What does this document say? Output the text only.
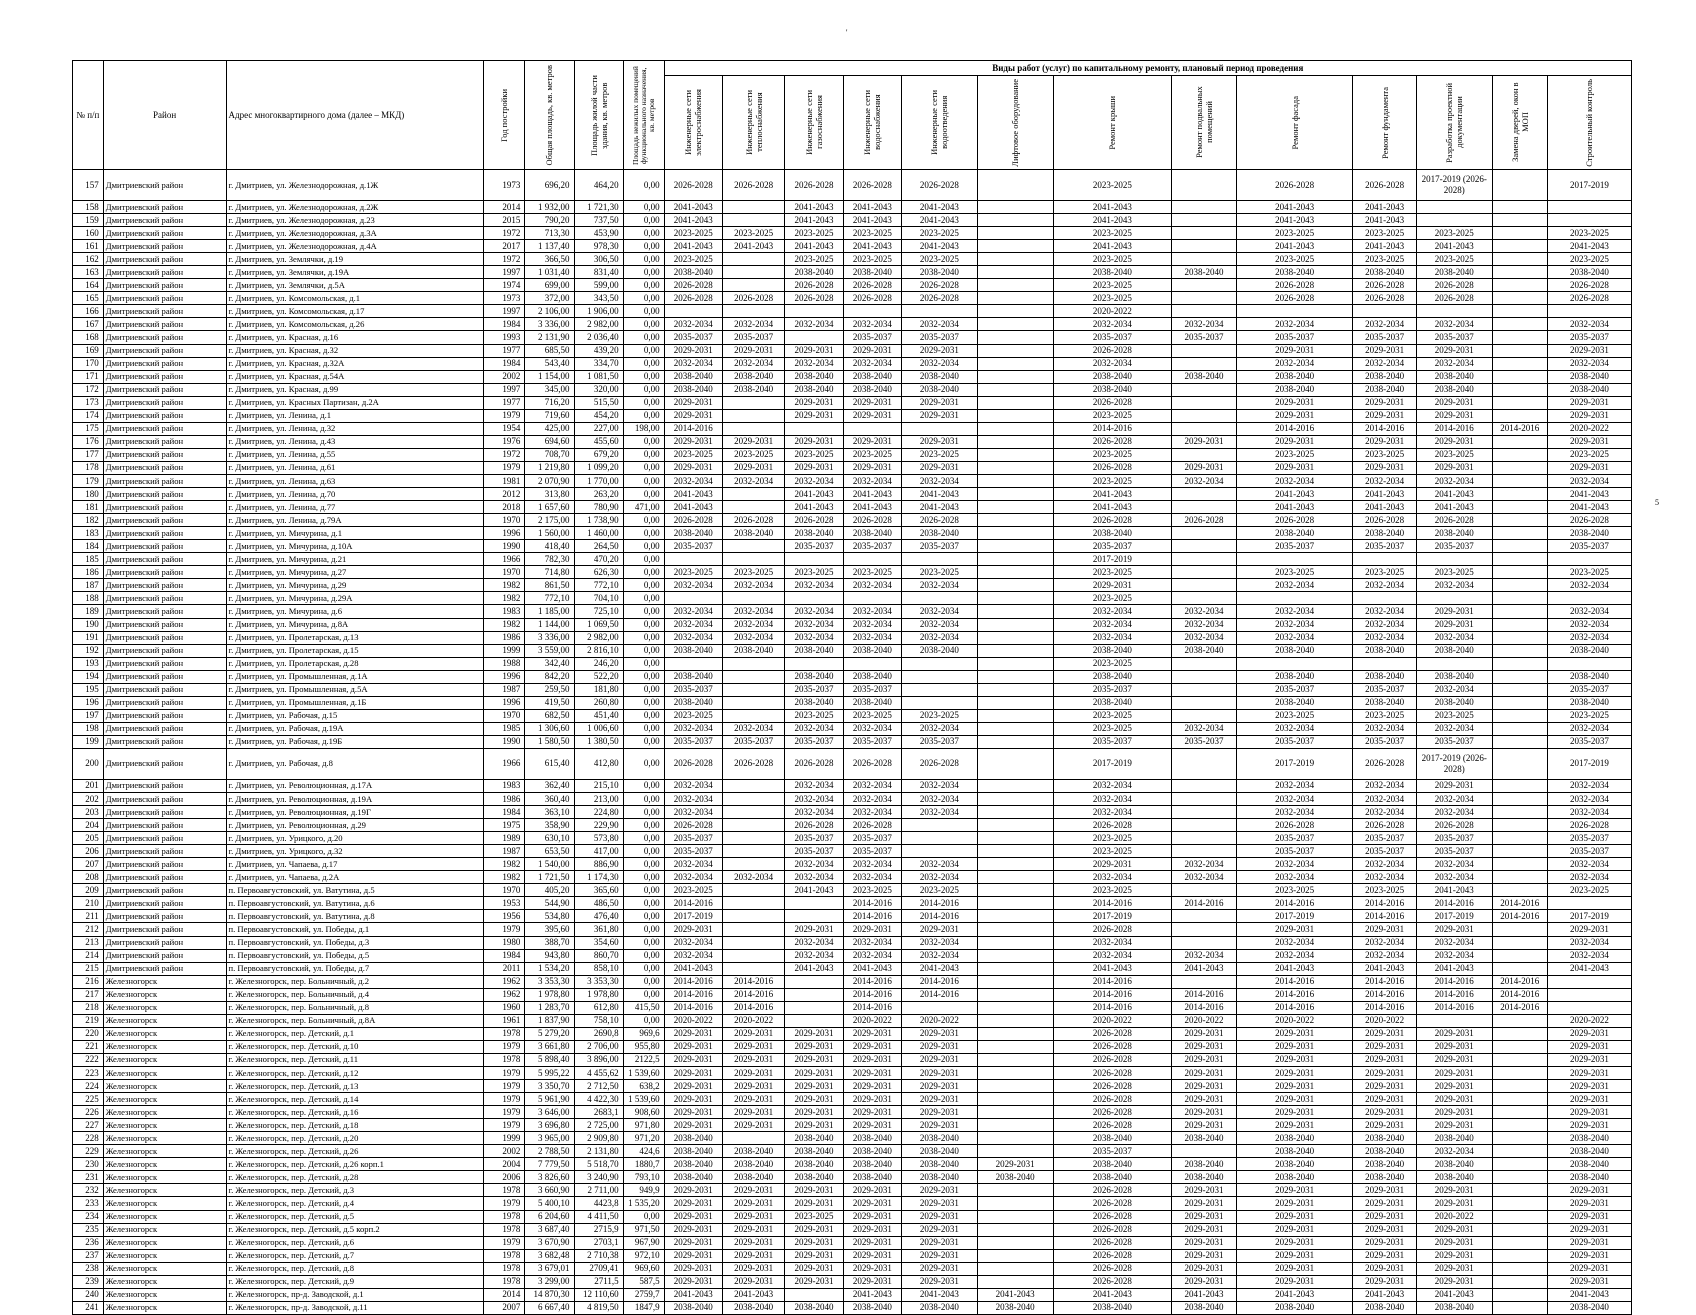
'
5
№ п/п	Район	Адрес многоквартирного дома (далее – МКД)	Год постройки	Общая площадь, кв. метров	Площадь жилой части здания, кв. метров	Площадь нежилых помещений функционального назначения, кв. метров	Виды работ (услуг) по капитальному ремонту, плановый период проведения												

							Инженерные сети электроснабжения	Инженерные сети теплоснабжения	Инженерные сети газоснабжения	Инженерные сети водоснабжения	Инженерные сети водоотведения	Лифтовое оборудование	Ремонт крыши	Ремонт подвальных помещений	Ремонт фасада	Ремонт фундамента	Разработка проектной документации	Замена дверей, окон в МОП	Строительный контроль

157	Дмитриевский район	г. Дмитриев, ул. Железнодорожная, д.1Ж	1973	696,20	464,20	0,00	2026-2028	2026-2028	2026-2028	2026-2028	2026-2028		2023-2025		2026-2028	2026-2028	2017-2019 (2026-2028)		2017-2019
158	Дмитриевский район	г. Дмитриев, ул. Железнодорожная, д.2Ж	2014	1 932,00	1 721,30	0,00	2041-2043		2041-2043	2041-2043	2041-2043		2041-2043		2041-2043	2041-2043			
159	Дмитриевский район	г. Дмитриев, ул. Железнодорожная, д.23	2015	790,20	737,50	0,00	2041-2043		2041-2043	2041-2043	2041-2043		2041-2043		2041-2043	2041-2043			
160	Дмитриевский район	г. Дмитриев, ул. Железнодорожная, д.3А	1972	713,30	453,90	0,00	2023-2025	2023-2025	2023-2025	2023-2025	2023-2025		2023-2025		2023-2025	2023-2025	2023-2025		2023-2025
161	Дмитриевский район	г. Дмитриев, ул. Железнодорожная, д.4А	2017	1 137,40	978,30	0,00	2041-2043	2041-2043	2041-2043	2041-2043	2041-2043		2041-2043		2041-2043	2041-2043	2041-2043		2041-2043
162	Дмитриевский район	г. Дмитриев, ул. Землячки, д.19	1972	366,50	306,50	0,00	2023-2025		2023-2025	2023-2025	2023-2025		2023-2025		2023-2025	2023-2025	2023-2025		2023-2025
163	Дмитриевский район	г. Дмитриев, ул. Землячки, д.19А	1997	1 031,40	831,40	0,00	2038-2040		2038-2040	2038-2040	2038-2040		2038-2040	2038-2040	2038-2040	2038-2040	2038-2040		2038-2040
164	Дмитриевский район	г. Дмитриев, ул. Землячки, д.5А	1974	699,00	599,00	0,00	2026-2028		2026-2028	2026-2028	2026-2028		2023-2025		2026-2028	2026-2028	2026-2028		2026-2028
165	Дмитриевский район	г. Дмитриев, ул. Комсомольская, д.1	1973	372,00	343,50	0,00	2026-2028	2026-2028	2026-2028	2026-2028	2026-2028		2023-2025		2026-2028	2026-2028	2026-2028		2026-2028
166	Дмитриевский район	г. Дмитриев, ул. Комсомольская, д.17	1997	2 106,00	1 906,00	0,00							2020-2022						
167	Дмитриевский район	г. Дмитриев, ул. Комсомольская, д.26	1984	3 336,00	2 982,00	0,00	2032-2034	2032-2034	2032-2034	2032-2034	2032-2034		2032-2034	2032-2034	2032-2034	2032-2034	2032-2034		2032-2034
168	Дмитриевский район	г. Дмитриев, ул. Красная, д.16	1993	2 131,90	2 036,40	0,00	2035-2037	2035-2037		2035-2037	2035-2037		2035-2037	2035-2037	2035-2037	2035-2037	2035-2037		2035-2037
169	Дмитриевский район	г. Дмитриев, ул. Красная, д.32	1977	685,50	439,20	0,00	2029-2031	2029-2031	2029-2031	2029-2031	2029-2031		2026-2028		2029-2031	2029-2031	2029-2031		2029-2031
170	Дмитриевский район	г. Дмитриев, ул. Красная, д.32А	1984	543,40	334,70	0,00	2032-2034	2032-2034	2032-2034	2032-2034	2032-2034		2032-2034		2032-2034	2032-2034	2032-2034		2032-2034
171	Дмитриевский район	г. Дмитриев, ул. Красная, д.54А	2002	1 154,00	1 081,50	0,00	2038-2040	2038-2040	2038-2040	2038-2040	2038-2040		2038-2040	2038-2040	2038-2040	2038-2040	2038-2040		2038-2040
172	Дмитриевский район	г. Дмитриев, ул. Красная, д.99	1997	345,00	320,00	0,00	2038-2040	2038-2040	2038-2040	2038-2040	2038-2040		2038-2040		2038-2040	2038-2040	2038-2040		2038-2040
173	Дмитриевский район	г. Дмитриев, ул. Красных Партизан, д.2А	1977	716,20	515,50	0,00	2029-2031		2029-2031	2029-2031	2029-2031		2026-2028		2029-2031	2029-2031	2029-2031		2029-2031
174	Дмитриевский район	г. Дмитриев, ул. Ленина, д.1	1979	719,60	454,20	0,00	2029-2031		2029-2031	2029-2031	2029-2031		2023-2025		2029-2031	2029-2031	2029-2031		2029-2031
175	Дмитриевский район	г. Дмитриев, ул. Ленина, д.32	1954	425,00	227,00	198,00	2014-2016						2014-2016		2014-2016	2014-2016	2014-2016	2014-2016	2020-2022
176	Дмитриевский район	г. Дмитриев, ул. Ленина, д.43	1976	694,60	455,60	0,00	2029-2031	2029-2031	2029-2031	2029-2031	2029-2031		2026-2028	2029-2031	2029-2031	2029-2031	2029-2031		2029-2031
177	Дмитриевский район	г. Дмитриев, ул. Ленина, д.55	1972	708,70	679,20	0,00	2023-2025	2023-2025	2023-2025	2023-2025	2023-2025		2023-2025		2023-2025	2023-2025	2023-2025		2023-2025
178	Дмитриевский район	г. Дмитриев, ул. Ленина, д.61	1979	1 219,80	1 099,20	0,00	2029-2031	2029-2031	2029-2031	2029-2031	2029-2031		2026-2028	2029-2031	2029-2031	2029-2031	2029-2031		2029-2031
179	Дмитриевский район	г. Дмитриев, ул. Ленина, д.63	1981	2 070,90	1 770,00	0,00	2032-2034	2032-2034	2032-2034	2032-2034	2032-2034		2023-2025	2032-2034	2032-2034	2032-2034	2032-2034		2032-2034
180	Дмитриевский район	г. Дмитриев, ул. Ленина, д.70	2012	313,80	263,20	0,00	2041-2043		2041-2043	2041-2043	2041-2043		2041-2043		2041-2043	2041-2043	2041-2043		2041-2043
181	Дмитриевский район	г. Дмитриев, ул. Ленина, д.77	2018	1 657,60	780,90	471,00	2041-2043		2041-2043	2041-2043	2041-2043		2041-2043		2041-2043	2041-2043	2041-2043		2041-2043
182	Дмитриевский район	г. Дмитриев, ул. Ленина, д.79А	1970	2 175,00	1 738,90	0,00	2026-2028	2026-2028	2026-2028	2026-2028	2026-2028		2026-2028	2026-2028	2026-2028	2026-2028	2026-2028		2026-2028
183	Дмитриевский район	г. Дмитриев, ул. Мичурина, д.1	1996	1 560,00	1 460,00	0,00	2038-2040	2038-2040	2038-2040	2038-2040	2038-2040		2038-2040		2038-2040	2038-2040	2038-2040		2038-2040
184	Дмитриевский район	г. Дмитриев, ул. Мичурина, д.10А	1990	418,40	264,50	0,00	2035-2037		2035-2037	2035-2037	2035-2037		2035-2037		2035-2037	2035-2037	2035-2037		2035-2037
185	Дмитриевский район	г. Дмитриев, ул. Мичурина, д.21	1966	782,30	470,20	0,00							2017-2019						
186	Дмитриевский район	г. Дмитриев, ул. Мичурина, д.27	1970	714,80	626,30	0,00	2023-2025	2023-2025	2023-2025	2023-2025	2023-2025		2023-2025		2023-2025	2023-2025	2023-2025		2023-2025
187	Дмитриевский район	г. Дмитриев, ул. Мичурина, д.29	1982	861,50	772,10	0,00	2032-2034	2032-2034	2032-2034	2032-2034	2032-2034		2029-2031		2032-2034	2032-2034	2032-2034		2032-2034
188	Дмитриевский район	г. Дмитриев, ул. Мичурина, д.29А	1982	772,10	704,10	0,00							2023-2025						
189	Дмитриевский район	г. Дмитриев, ул. Мичурина, д.6	1983	1 185,00	725,10	0,00	2032-2034	2032-2034	2032-2034	2032-2034	2032-2034		2032-2034	2032-2034	2032-2034	2032-2034	2029-2031		2032-2034
190	Дмитриевский район	г. Дмитриев, ул. Мичурина, д.8А	1982	1 144,00	1 069,50	0,00	2032-2034	2032-2034	2032-2034	2032-2034	2032-2034		2032-2034	2032-2034	2032-2034	2032-2034	2029-2031		2032-2034
191	Дмитриевский район	г. Дмитриев, ул. Пролетарская, д.13	1986	3 336,00	2 982,00	0,00	2032-2034	2032-2034	2032-2034	2032-2034	2032-2034		2032-2034	2032-2034	2032-2034	2032-2034	2032-2034		2032-2034
192	Дмитриевский район	г. Дмитриев, ул. Пролетарская, д.15	1999	3 559,00	2 816,10	0,00	2038-2040	2038-2040	2038-2040	2038-2040	2038-2040		2038-2040	2038-2040	2038-2040	2038-2040	2038-2040		2038-2040
193	Дмитриевский район	г. Дмитриев, ул. Пролетарская, д.28	1988	342,40	246,20	0,00							2023-2025						
194	Дмитриевский район	г. Дмитриев, ул. Промышленная, д.1А	1996	842,20	522,20	0,00	2038-2040		2038-2040	2038-2040			2038-2040		2038-2040	2038-2040	2038-2040		2038-2040
195	Дмитриевский район	г. Дмитриев, ул. Промышленная, д.5А	1987	259,50	181,80	0,00	2035-2037		2035-2037	2035-2037			2035-2037		2035-2037	2035-2037	2032-2034		2035-2037
196	Дмитриевский район	г. Дмитриев, ул. Промышленная, д.1Б	1996	419,50	260,80	0,00	2038-2040		2038-2040	2038-2040			2038-2040		2038-2040	2038-2040	2038-2040		2038-2040
197	Дмитриевский район	г. Дмитриев, ул. Рабочая, д.15	1970	682,50	451,40	0,00	2023-2025		2023-2025	2023-2025	2023-2025		2023-2025		2023-2025	2023-2025	2023-2025		2023-2025
198	Дмитриевский район	г. Дмитриев, ул. Рабочая, д.19А	1985	1 306,60	1 006,60	0,00	2032-2034	2032-2034	2032-2034	2032-2034	2032-2034		2023-2025	2032-2034	2032-2034	2032-2034	2032-2034		2032-2034
199	Дмитриевский район	г. Дмитриев, ул. Рабочая, д.19Б	1990	1 580,50	1 380,50	0,00	2035-2037	2035-2037	2035-2037	2035-2037	2035-2037		2035-2037	2035-2037	2035-2037	2035-2037	2035-2037		2035-2037
200	Дмитриевский район	г. Дмитриев, ул. Рабочая, д.8	1966	615,40	412,80	0,00	2026-2028	2026-2028	2026-2028	2026-2028	2026-2028		2017-2019		2017-2019	2026-2028	2017-2019 (2026-2028)		2017-2019
201	Дмитриевский район	г. Дмитриев, ул. Революционная, д.17А	1983	362,40	215,10	0,00	2032-2034		2032-2034	2032-2034	2032-2034		2032-2034		2032-2034	2032-2034	2029-2031		2032-2034
202	Дмитриевский район	г. Дмитриев, ул. Революционная, д.19А	1986	360,40	213,00	0,00	2032-2034		2032-2034	2032-2034	2032-2034		2032-2034		2032-2034	2032-2034	2032-2034		2032-2034
203	Дмитриевский район	г. Дмитриев, ул. Революционная, д.19Г	1984	363,10	224,80	0,00	2032-2034		2032-2034	2032-2034	2032-2034		2032-2034		2032-2034	2032-2034	2032-2034		2032-2034
204	Дмитриевский район	г. Дмитриев, ул. Революционная, д.29	1975	358,90	229,90	0,00	2026-2028		2026-2028	2026-2028			2026-2028		2026-2028	2026-2028	2026-2028		2026-2028
205	Дмитриевский район	г. Дмитриев, ул. Урицкого, д.20	1989	630,10	573,80	0,00	2035-2037		2035-2037	2035-2037			2023-2025		2035-2037	2035-2037	2035-2037		2035-2037
206	Дмитриевский район	г. Дмитриев, ул. Урицкого, д.32	1987	653,50	417,00	0,00	2035-2037		2035-2037	2035-2037			2023-2025		2035-2037	2035-2037	2035-2037		2035-2037
207	Дмитриевский район	г. Дмитриев, ул. Чапаева, д.17	1982	1 540,00	886,90	0,00	2032-2034		2032-2034	2032-2034	2032-2034		2029-2031	2032-2034	2032-2034	2032-2034	2032-2034		2032-2034
208	Дмитриевский район	г. Дмитриев, ул. Чапаева, д.2А	1982	1 721,50	1 174,30	0,00	2032-2034	2032-2034	2032-2034	2032-2034	2032-2034		2032-2034	2032-2034	2032-2034	2032-2034	2032-2034		2032-2034
209	Дмитриевский район	п. Первоавгустовский, ул. Ватутина, д.5	1970	405,20	365,60	0,00	2023-2025		2041-2043	2023-2025	2023-2025		2023-2025		2023-2025	2023-2025	2041-2043		2023-2025
210	Дмитриевский район	п. Первоавгустовский, ул. Ватутина, д.6	1953	544,90	486,50	0,00	2014-2016			2014-2016	2014-2016		2014-2016	2014-2016	2014-2016	2014-2016	2014-2016	2014-2016	
211	Дмитриевский район	п. Первоавгустовский, ул. Ватутина, д.8	1956	534,80	476,40	0,00	2017-2019			2014-2016	2014-2016		2017-2019		2017-2019	2014-2016	2017-2019	2014-2016	2017-2019
212	Дмитриевский район	п. Первоавгустовский, ул. Победы, д.1	1979	395,60	361,80	0,00	2029-2031		2029-2031	2029-2031	2029-2031		2026-2028		2029-2031	2029-2031	2029-2031		2029-2031
213	Дмитриевский район	п. Первоавгустовский, ул. Победы, д.3	1980	388,70	354,60	0,00	2032-2034		2032-2034	2032-2034	2032-2034		2032-2034		2032-2034	2032-2034	2032-2034		2032-2034
214	Дмитриевский район	п. Первоавгустовский, ул. Победы, д.5	1984	943,80	860,70	0,00	2032-2034		2032-2034	2032-2034	2032-2034		2032-2034	2032-2034	2032-2034	2032-2034	2032-2034		2032-2034
215	Дмитриевский район	п. Первоавгустовский, ул. Победы, д.7	2011	1 534,20	858,10	0,00	2041-2043		2041-2043	2041-2043	2041-2043		2041-2043	2041-2043	2041-2043	2041-2043	2041-2043		2041-2043
216	Железногорск	г. Железногорск, пер. Больничный, д.2	1962	3 353,30	3 353,30	0,00	2014-2016	2014-2016		2014-2016	2014-2016		2014-2016		2014-2016	2014-2016	2014-2016	2014-2016	
217	Железногорск	г. Железногорск, пер. Больничный, д.4	1962	1 978,80	1 978,80	0,00	2014-2016	2014-2016		2014-2016	2014-2016		2014-2016	2014-2016	2014-2016	2014-2016	2014-2016	2014-2016	
218	Железногорск	г. Железногорск, пер. Больничный, д.8	1960	1 283,70	612,80	415,50	2014-2016	2014-2016		2014-2016			2014-2016	2014-2016	2014-2016	2014-2016	2014-2016	2014-2016	
219	Железногорск	г. Железногорск, пер. Больничный, д.8А	1961	1 837,90	758,10	0,00	2020-2022	2020-2022		2020-2022	2020-2022		2020-2022	2020-2022	2020-2022	2020-2022			2020-2022
220	Железногорск	г. Железногорск, пер. Детский, д.1	1978	5 279,20	2690,8	969,6	2029-2031	2029-2031	2029-2031	2029-2031	2029-2031		2026-2028	2029-2031	2029-2031	2029-2031	2029-2031		2029-2031
221	Железногорск	г. Железногорск, пер. Детский, д.10	1979	3 661,80	2 706,00	955,80	2029-2031	2029-2031	2029-2031	2029-2031	2029-2031		2026-2028	2029-2031	2029-2031	2029-2031	2029-2031		2029-2031
222	Железногорск	г. Железногорск, пер. Детский, д.11	1978	5 898,40	3 896,00	2122,5	2029-2031	2029-2031	2029-2031	2029-2031	2029-2031		2026-2028	2029-2031	2029-2031	2029-2031	2029-2031		2029-2031
223	Железногорск	г. Железногорск, пер. Детский, д.12	1979	5 995,22	4 455,62	1 539,60	2029-2031	2029-2031	2029-2031	2029-2031	2029-2031		2026-2028	2029-2031	2029-2031	2029-2031	2029-2031		2029-2031
224	Железногорск	г. Железногорск, пер. Детский, д.13	1979	3 350,70	2 712,50	638,2	2029-2031	2029-2031	2029-2031	2029-2031	2029-2031		2026-2028	2029-2031	2029-2031	2029-2031	2029-2031		2029-2031
225	Железногорск	г. Железногорск, пер. Детский, д.14	1979	5 961,90	4 422,30	1 539,60	2029-2031	2029-2031	2029-2031	2029-2031	2029-2031		2026-2028	2029-2031	2029-2031	2029-2031	2029-2031		2029-2031
226	Железногорск	г. Железногорск, пер. Детский, д.16	1979	3 646,00	2683,1	908,60	2029-2031	2029-2031	2029-2031	2029-2031	2029-2031		2026-2028	2029-2031	2029-2031	2029-2031	2029-2031		2029-2031
227	Железногорск	г. Железногорск, пер. Детский, д.18	1979	3 696,80	2 725,00	971,80	2029-2031	2029-2031	2029-2031	2029-2031	2029-2031		2026-2028	2029-2031	2029-2031	2029-2031	2029-2031		2029-2031
228	Железногорск	г. Железногорск, пер. Детский, д.20	1999	3 965,00	2 909,80	971,20	2038-2040		2038-2040	2038-2040	2038-2040		2038-2040	2038-2040	2038-2040	2038-2040	2038-2040		2038-2040
229	Железногорск	г. Железногорск, пер. Детский, д.26	2002	2 788,50	2 131,80	424,6	2038-2040	2038-2040	2038-2040	2038-2040	2038-2040		2035-2037		2038-2040	2038-2040	2032-2034		2038-2040
230	Железногорск	г. Железногорск, пер. Детский, д.26 корп.1	2004	7 779,50	5 518,70	1880,7	2038-2040	2038-2040	2038-2040	2038-2040	2038-2040	2029-2031	2038-2040	2038-2040	2038-2040	2038-2040	2038-2040		2038-2040
231	Железногорск	г. Железногорск, пер. Детский, д.28	2006	3 826,60	3 240,90	793,10	2038-2040	2038-2040	2038-2040	2038-2040	2038-2040	2038-2040	2038-2040	2038-2040	2038-2040	2038-2040	2038-2040		2038-2040
232	Железногорск	г. Железногорск, пер. Детский, д.3	1978	3 660,90	2 711,00	949,9	2029-2031	2029-2031	2029-2031	2029-2031	2029-2031		2026-2028	2029-2031	2029-2031	2029-2031	2029-2031		2029-2031
233	Железногорск	г. Железногорск, пер. Детский, д.4	1979	5 400,10	4423,8	1 535,20	2029-2031	2029-2031	2029-2031	2029-2031	2029-2031		2026-2028	2029-2031	2029-2031	2029-2031	2029-2031		2029-2031
234	Железногорск	г. Железногорск, пер. Детский, д.5	1978	6 204,60	4 411,50	0,00	2029-2031	2029-2031	2023-2025	2029-2031	2029-2031		2026-2028	2029-2031	2029-2031	2029-2031	2020-2022		2029-2031
235	Железногорск	г. Железногорск, пер. Детский, д.5 корп.2	1978	3 687,40	2715,9	971,50	2029-2031	2029-2031	2029-2031	2029-2031	2029-2031		2026-2028	2029-2031	2029-2031	2029-2031	2029-2031		2029-2031
236	Железногорск	г. Железногорск, пер. Детский, д.6	1979	3 670,90	2703,1	967,90	2029-2031	2029-2031	2029-2031	2029-2031	2029-2031		2026-2028	2029-2031	2029-2031	2029-2031	2029-2031		2029-2031
237	Железногорск	г. Железногорск, пер. Детский, д.7	1978	3 682,48	2 710,38	972,10	2029-2031	2029-2031	2029-2031	2029-2031	2029-2031		2026-2028	2029-2031	2029-2031	2029-2031	2029-2031		2029-2031
238	Железногорск	г. Железногорск, пер. Детский, д.8	1978	3 679,01	2709,41	969,60	2029-2031	2029-2031	2029-2031	2029-2031	2029-2031		2026-2028	2029-2031	2029-2031	2029-2031	2029-2031		2029-2031
239	Железногорск	г. Железногорск, пер. Детский, д.9	1978	3 299,00	2711,5	587,5	2029-2031	2029-2031	2029-2031	2029-2031	2029-2031		2026-2028	2029-2031	2029-2031	2029-2031	2029-2031		2029-2031
240	Железногорск	г. Железногорск, пр-д. Заводской, д.1	2014	14 870,30	12 110,60	2759,7	2041-2043	2041-2043		2041-2043	2041-2043	2041-2043	2041-2043	2041-2043	2041-2043	2041-2043	2041-2043		2041-2043
241	Железногорск	г. Железногорск, пр-д. Заводской, д.11	2007	6 667,40	4 819,50	1847,9	2038-2040	2038-2040	2038-2040	2038-2040	2038-2040	2038-2040	2038-2040	2038-2040	2038-2040	2038-2040	2038-2040		2038-2040
